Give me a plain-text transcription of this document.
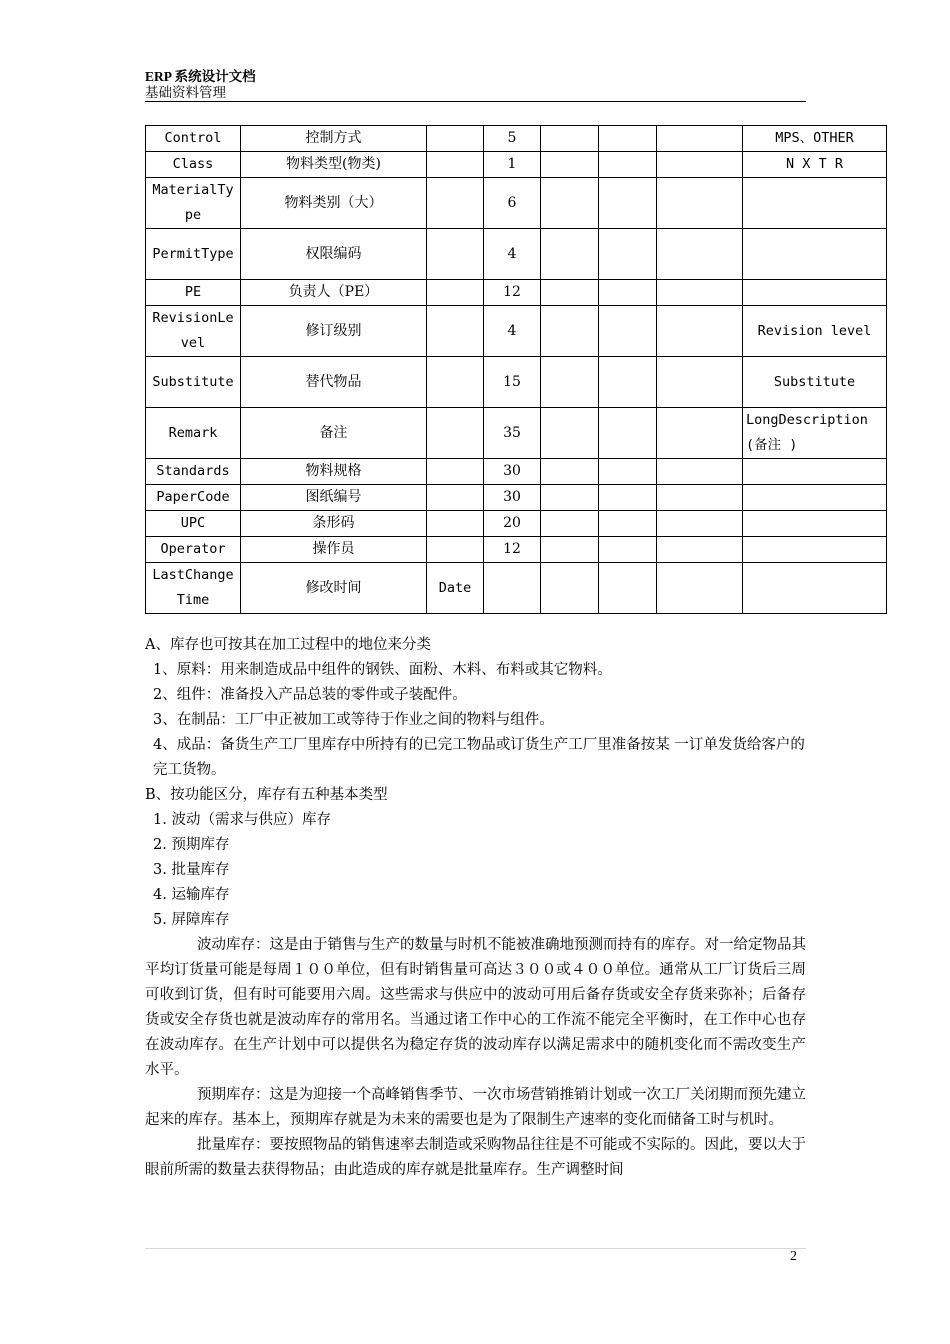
ERP 系统设计文档
基础资料管理
Control	控制方式		5				MPS、OTHER
Class	物料类型(物类)		1				N X T R
MaterialType	物料类别（大）		6				
PermitType	权限编码		4				
PE	负责人（PE）		12				
RevisionLevel	修订级别		4				Revision level
Substitute	替代物品		15				Substitute
Remark	备注		35				LongDescription (备注 )
Standards	物料规格		30				
PaperCode	图纸编号		30				
UPC	条形码		20				
Operator	操作员		12				
LastChangeTime	修改时间	Date					

A、库存也可按其在加工过程中的地位来分类

1、原料：用来制造成品中组件的钢铁、面粉、木料、布料或其它物料。

2、组件：准备投入产品总装的零件或子装配件。

3、在制品：工厂中正被加工或等待于作业之间的物料与组件。

4、成品：备货生产工厂里库存中所持有的已完工物品或订货生产工厂里准备按某 一订单发货给客户的完工货物。

B、按功能区分，库存有五种基本类型

1. 波动（需求与供应）库存

2. 预期库存

3. 批量库存

4. 运输库存

5. 屏障库存

波动库存：这是由于销售与生产的数量与时机不能被准确地预测而持有的库存。对一给定物品其平均订货量可能是每周１００单位，但有时销售量可高达３００或４００单位。通常从工厂订货后三周可收到订货，但有时可能要用六周。这些需求与供应中的波动可用后备存货或安全存货来弥补；后备存货或安全存货也就是波动库存的常用名。当通过诸工作中心的工作流不能完全平衡时，在工作中心也存在波动库存。在生产计划中可以提供名为稳定存货的波动库存以满足需求中的随机变化而不需改变生产水平。

预期库存：这是为迎接一个高峰销售季节、一次市场营销推销计划或一次工厂关闭期而预先建立起来的库存。基本上，预期库存就是为未来的需要也是为了限制生产速率的变化而储备工时与机时。

批量库存：要按照物品的销售速率去制造或采购物品往往是不可能或不实际的。因此，要以大于眼前所需的数量去获得物品；由此造成的库存就是批量库存。生产调整时间

2
